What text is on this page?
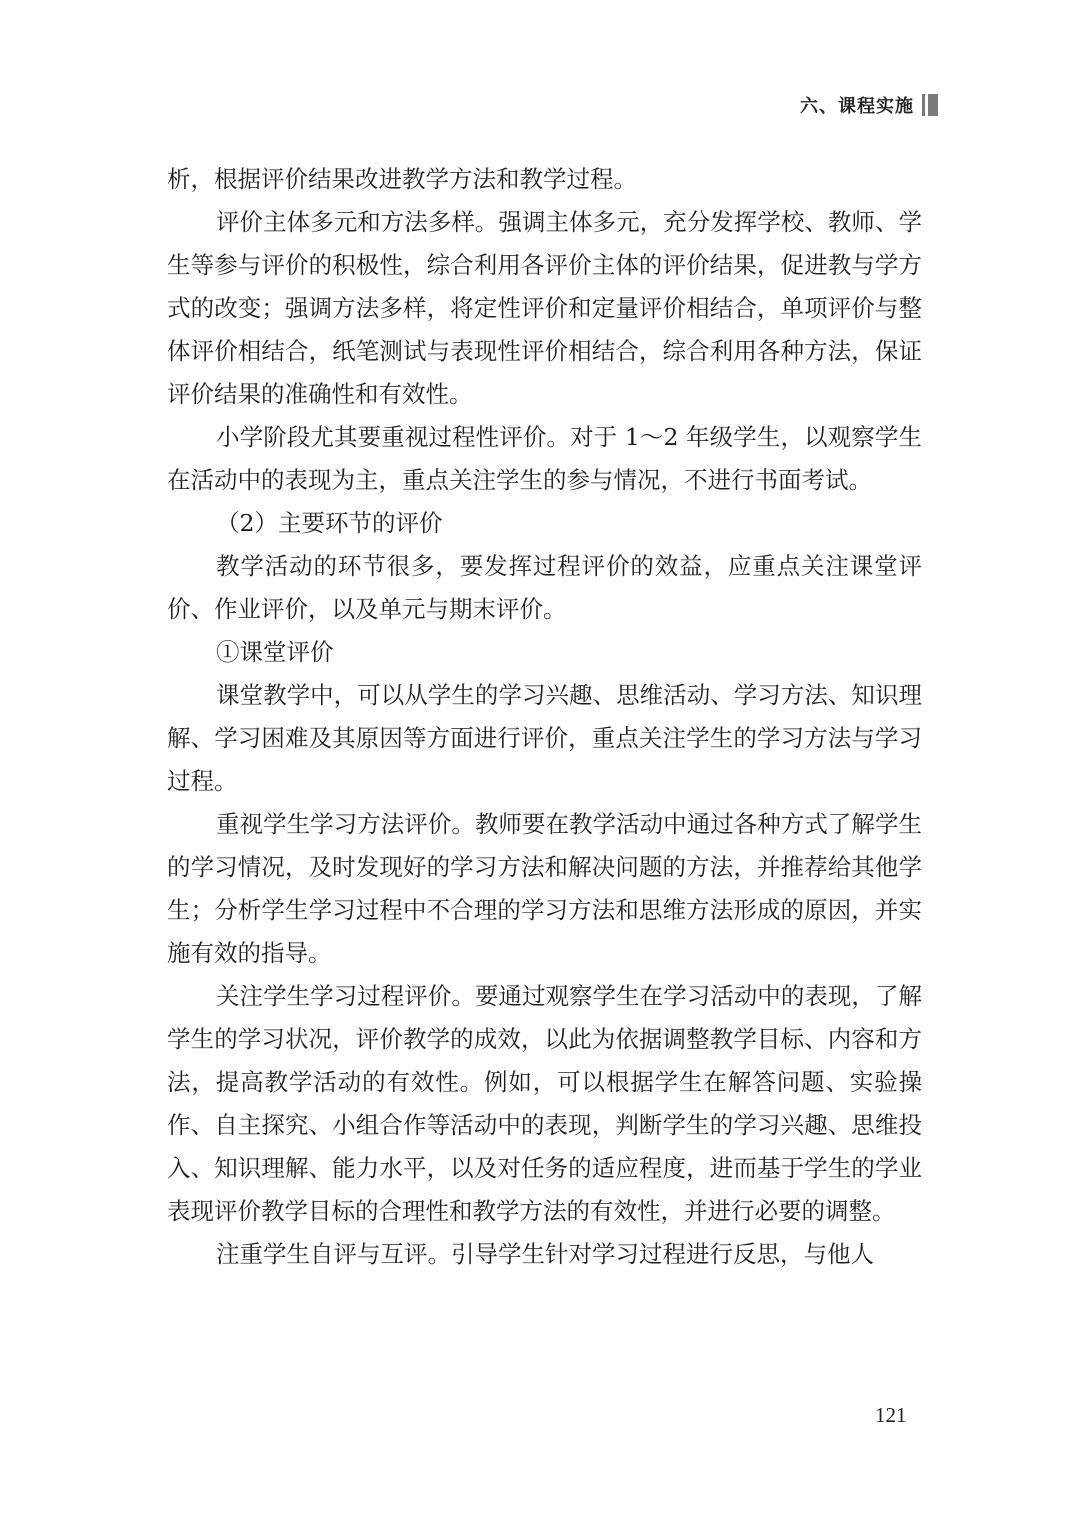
六、课程实施

析，根据评价结果改进教学方法和教学过程。

评价主体多元和方法多样。强调主体多元，充分发挥学校、教师、学生等参与评价的积极性，综合利用各评价主体的评价结果，促进教与学方式的改变；强调方法多样，将定性评价和定量评价相结合，单项评价与整体评价相结合，纸笔测试与表现性评价相结合，综合利用各种方法，保证评价结果的准确性和有效性。

小学阶段尤其要重视过程性评价。对于 1～2 年级学生，以观察学生在活动中的表现为主，重点关注学生的参与情况，不进行书面考试。

（2）主要环节的评价

教学活动的环节很多，要发挥过程评价的效益，应重点关注课堂评价、作业评价，以及单元与期末评价。

①课堂评价

课堂教学中，可以从学生的学习兴趣、思维活动、学习方法、知识理解、学习困难及其原因等方面进行评价，重点关注学生的学习方法与学习过程。

重视学生学习方法评价。教师要在教学活动中通过各种方式了解学生的学习情况，及时发现好的学习方法和解决问题的方法，并推荐给其他学生；分析学生学习过程中不合理的学习方法和思维方法形成的原因，并实施有效的指导。

关注学生学习过程评价。要通过观察学生在学习活动中的表现，了解学生的学习状况，评价教学的成效，以此为依据调整教学目标、内容和方法，提高教学活动的有效性。例如，可以根据学生在解答问题、实验操作、自主探究、小组合作等活动中的表现，判断学生的学习兴趣、思维投入、知识理解、能力水平，以及对任务的适应程度，进而基于学生的学业表现评价教学目标的合理性和教学方法的有效性，并进行必要的调整。

注重学生自评与互评。引导学生针对学习过程进行反思，与他人

121
